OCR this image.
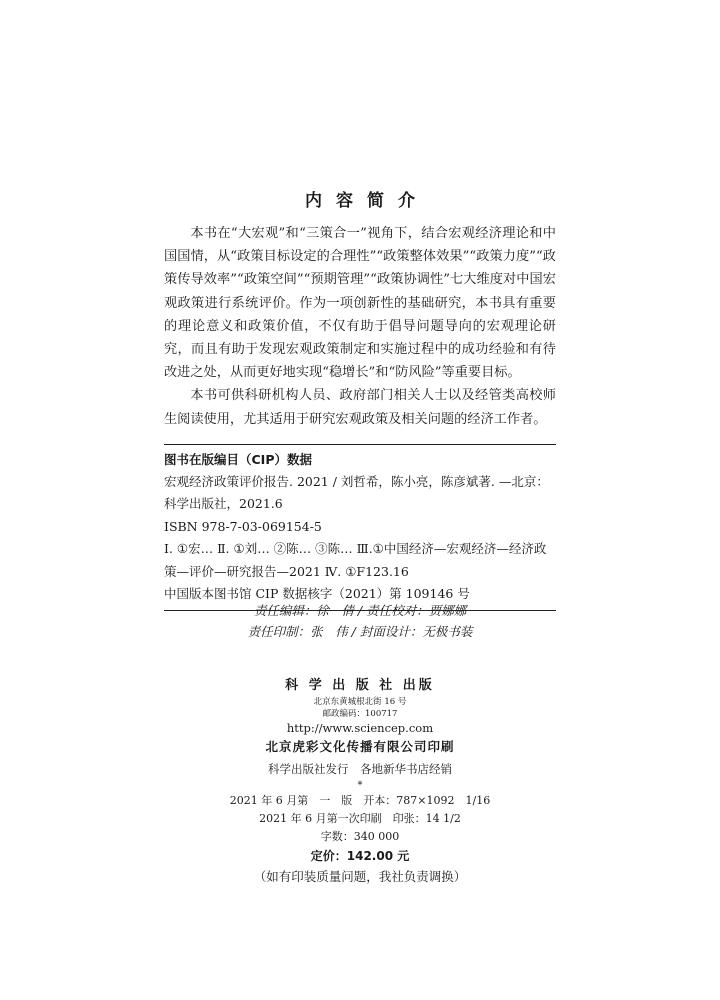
内容简介

本书在“大宏观”和“三策合一”视角下，结合宏观经济理论和中国国情，从“政策目标设定的合理性”“政策整体效果”“政策力度”“政策传导效率”“政策空间”“预期管理”“政策协调性”七大维度对中国宏观政策进行系统评价。作为一项创新性的基础研究，本书具有重要的理论意义和政策价值，不仅有助于倡导问题导向的宏观理论研究，而且有助于发现宏观政策制定和实施过程中的成功经验和有待改进之处，从而更好地实现“稳增长”和“防风险”等重要目标。

本书可供科研机构人员、政府部门相关人士以及经管类高校师生阅读使用，尤其适用于研究宏观政策及相关问题的经济工作者。

图书在版编目（CIP）数据
宏观经济政策评价报告. 2021 / 刘哲希，陈小亮，陈彦斌著. —北京：科学出版社，2021.6
ISBN 978-7-03-069154-5
Ⅰ. ①宏… Ⅱ. ①刘… ②陈… ③陈… Ⅲ.①中国经济—宏观经济—经济政策—评价—研究报告—2021 Ⅳ. ①F123.16
中国版本图书馆 CIP 数据核字（2021）第 109146 号
责任编辑：徐　倩 / 责任校对：贾娜娜
责任印制：张　伟 / 封面设计：无极书装
科 学 出 版 社 出版
北京东黄城根北街 16 号
邮政编码：100717
http://www.sciencep.com
北京虎彩文化传播有限公司印刷
科学出版社发行　各地新华书店经销
*
2021 年 6 月第　一　版　开本：787×1092　1/16
2021 年 6 月第一次印刷　印张：14 1/2
字数：340 000
定价：142.00 元
（如有印装质量问题，我社负责调换）
